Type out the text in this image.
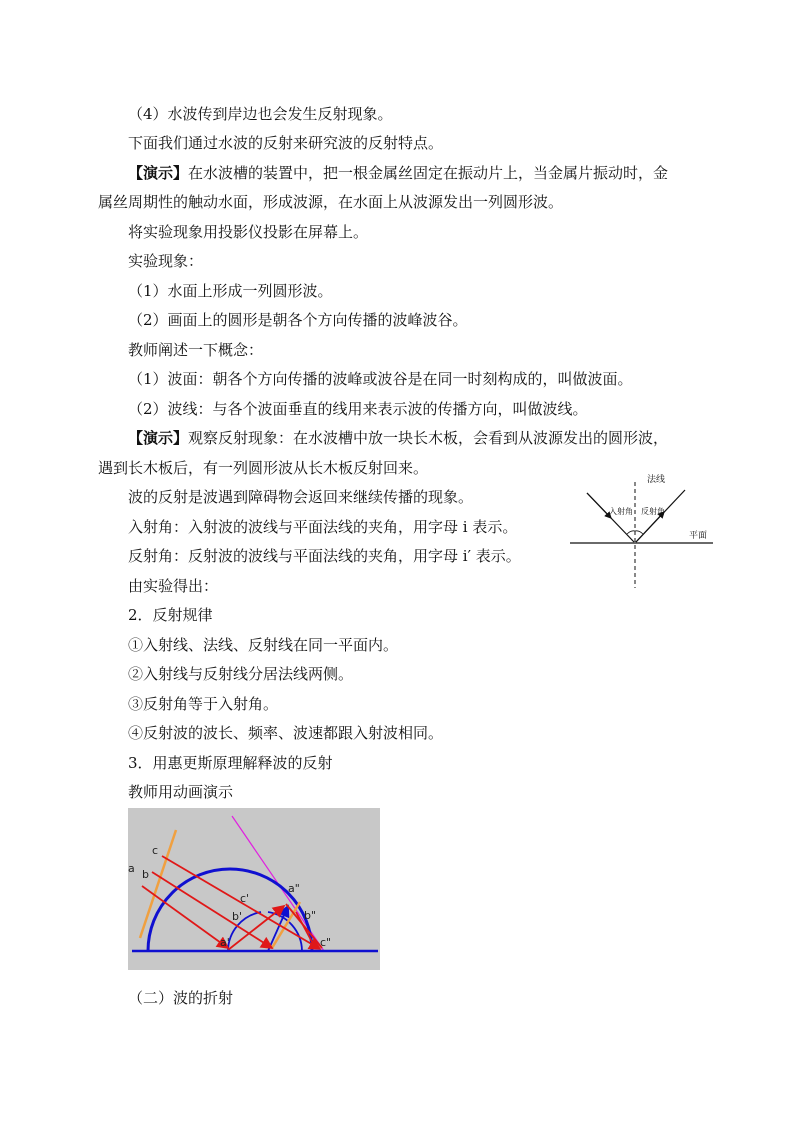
（4）水波传到岸边也会发生反射现象。
下面我们通过水波的反射来研究波的反射特点。
【演示】在水波槽的装置中，把一根金属丝固定在振动片上，当金属片振动时，金
属丝周期性的触动水面，形成波源，在水面上从波源发出一列圆形波。
将实验现象用投影仪投影在屏幕上。
实验现象：
（1）水面上形成一列圆形波。
（2）画面上的圆形是朝各个方向传播的波峰波谷。
教师阐述一下概念：
（1）波面：朝各个方向传播的波峰或波谷是在同一时刻构成的，叫做波面。
（2）波线：与各个波面垂直的线用来表示波的传播方向，叫做波线。
【演示】观察反射现象：在水波槽中放一块长木板，会看到从波源发出的圆形波，
遇到长木板后，有一列圆形波从长木板反射回来。
波的反射是波遇到障碍物会返回来继续传播的现象。
入射角：入射波的波线与平面法线的夹角，用字母 i 表示。
反射角：反射波的波线与平面法线的夹角，用字母 i′ 表示。
由实验得出：
2．反射规律
①入射线、法线、反射线在同一平面内。
②入射线与反射线分居法线两侧。
③反射角等于入射角。
④反射波的波长、频率、波速都跟入射波相同。
3．用惠更斯原理解释波的反射
教师用动画演示
（二）波的折射
法线
入射角 反射角
平面
a b
c
a'
b'
c'
a"
b"
c"
